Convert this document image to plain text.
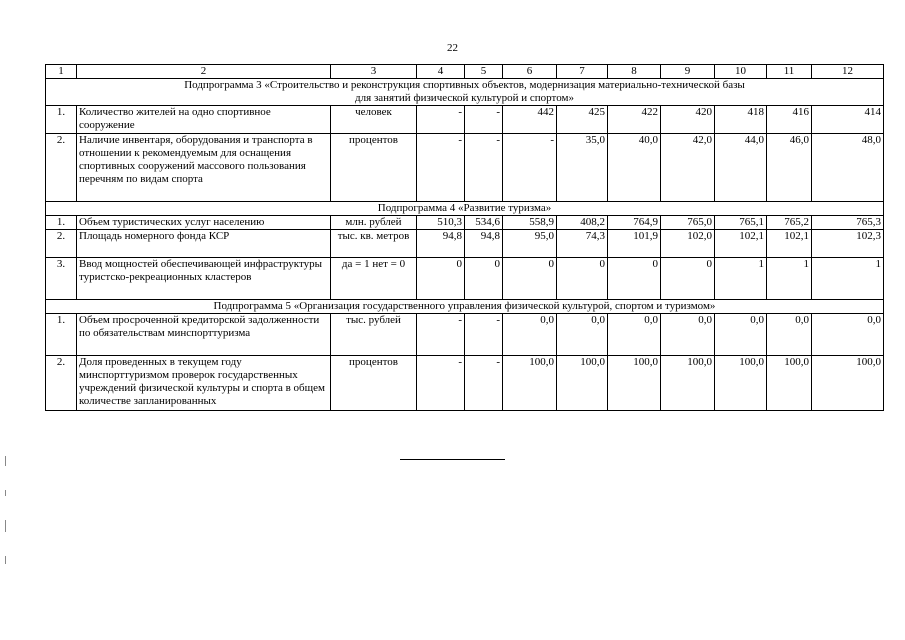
22
1	2	3	4	5	6	7	8	9	10	11	12
Подпрограмма 3 «Строительство и реконструкция спортивных объектов, модернизация материально-технической базы
для занятий физической культурой и спортом»											
1.	Количество жителей на одно спортивное сооружение	человек	-	-	442	425	422	420	418	416	414
2.	Наличие инвентаря, оборудования и транспорта в отношении к рекомендуемым для оснащения спортивных сооружений массового пользования перечням по видам спорта	процентов	-	-	-	35,0	40,0	42,0	44,0	46,0	48,0
Подпрограмма 4 «Развитие туризма»											
1.	Объем туристических услуг населению	млн. рублей	510,3	534,6	558,9	408,2	764,9	765,0	765,1	765,2	765,3
2.	Площадь номерного фонда КСР	тыс. кв. метров	94,8	94,8	95,0	74,3	101,9	102,0	102,1	102,1	102,3
3.	Ввод мощностей обеспечивающей инфраструктуры туристско-рекреационных кластеров	да = 1 нет = 0	0	0	0	0	0	0	1	1	1
Подпрограмма 5 «Организация государственного управления физической культурой, спортом и туризмом»											
1.	Объем просроченной кредиторской задолженности по обязательствам минспорттуризма	тыс. рублей	-	-	0,0	0,0	0,0	0,0	0,0	0,0	0,0
2.	Доля проведенных в текущем году минспорттуризмом проверок государственных учреждений физической культуры и спорта в общем количестве запланированных	процентов	-	-	100,0	100,0	100,0	100,0	100,0	100,0	100,0
